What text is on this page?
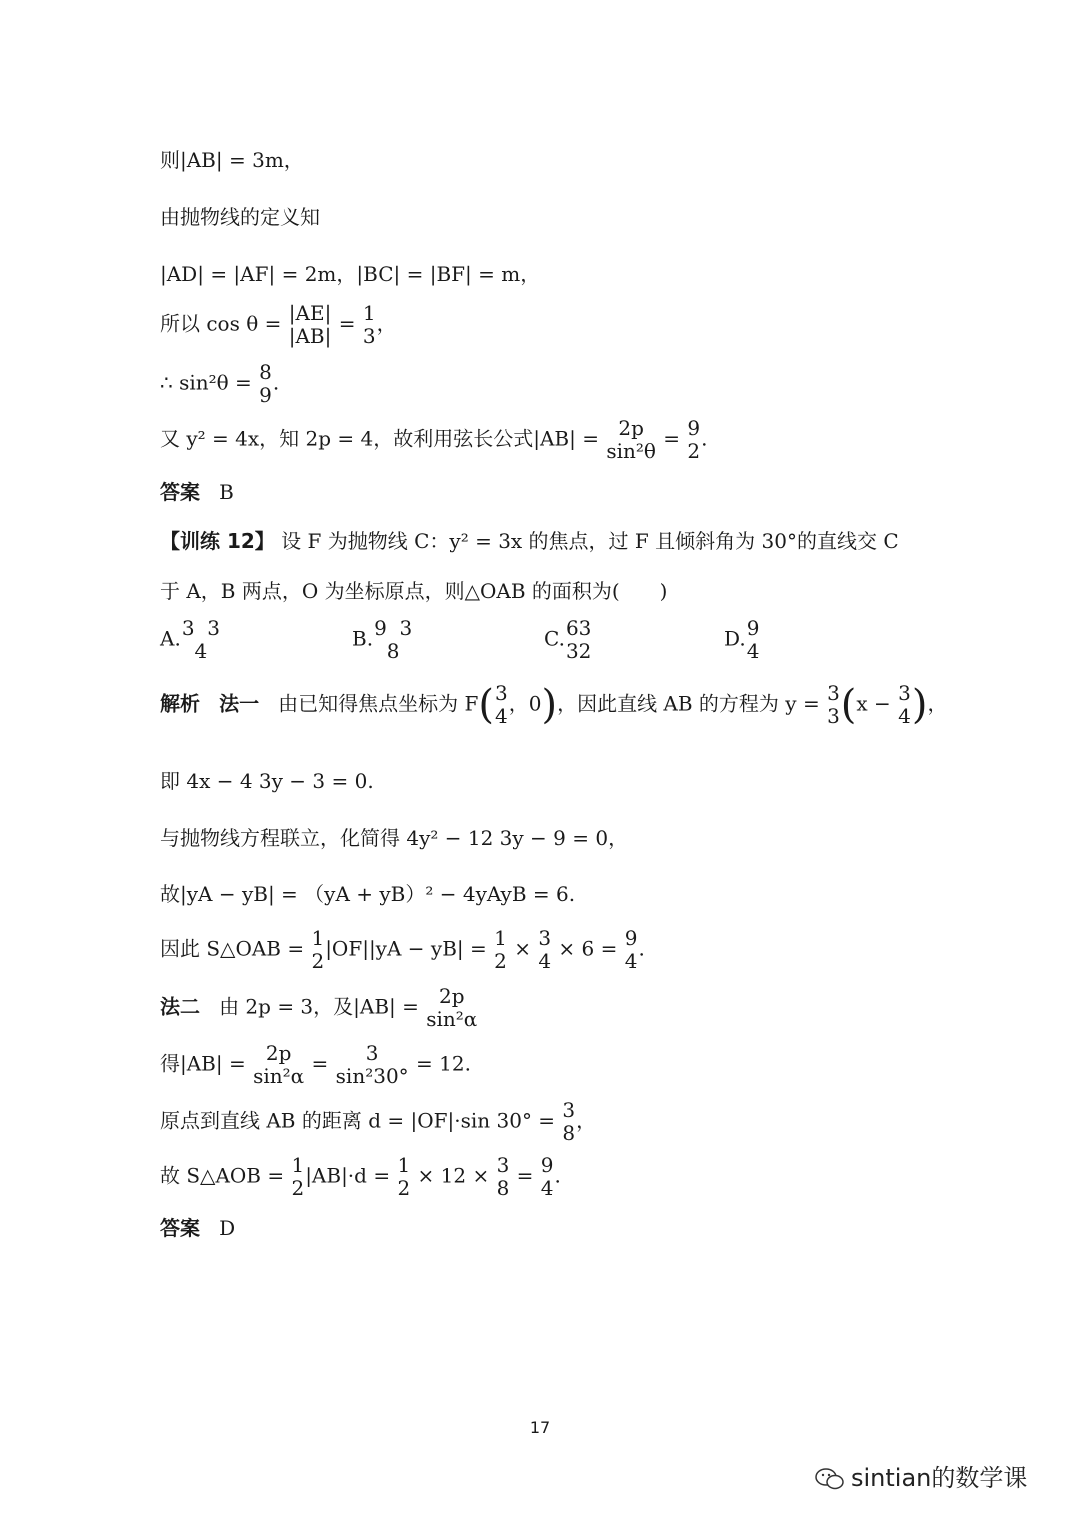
则|AB| = 3m，
由抛物线的定义知
|AD| = |AF| = 2m，|BC| = |BF| = m，
所以 cos θ = |AE|
|AB|
= 1
3
，
∴ sin²θ = 8
9
.
又 y² = 4x，知 2p = 4，故利用弦长公式|AB| = 2p
sin²θ
= 9
2
.
答案 B
【训练 12】 设 F 为抛物线 C：y² = 3x 的焦点，过 F 且倾斜角为 30°的直线交 C
于 A，B 两点，O 为坐标原点，则△OAB 的面积为(　　)
A. 3 3
4
B. 9 3
8
C. 63
32
D. 9
4
解析 法一 由已知得焦点坐标为 F( 3
4
，0)，因此直线 AB 的方程为 y = 3
3 (x − 3
4 )，
即 4x − 4 3y − 3 = 0.
与抛物线方程联立，化简得 4y² − 12 3y − 9 = 0，
故|yA − yB| = （yA + yB）² − 4yAyB = 6.
因此 S△OAB = 1
2
|OF||yA − yB| = 1
2
× 3
4
× 6 = 9
4
.
法二 由 2p = 3，及|AB| = 2p
sin²α
得|AB| = 2p
sin²α
=	3
sin²30°
= 12.
原点到直线 AB 的距离 d = |OF|·sin 30° = 3
8
，
故 S△AOB = 1
2
|AB|·d = 1
2
× 12 × 3
8
= 9
4
.
答案 D
17
sintian的数学课
